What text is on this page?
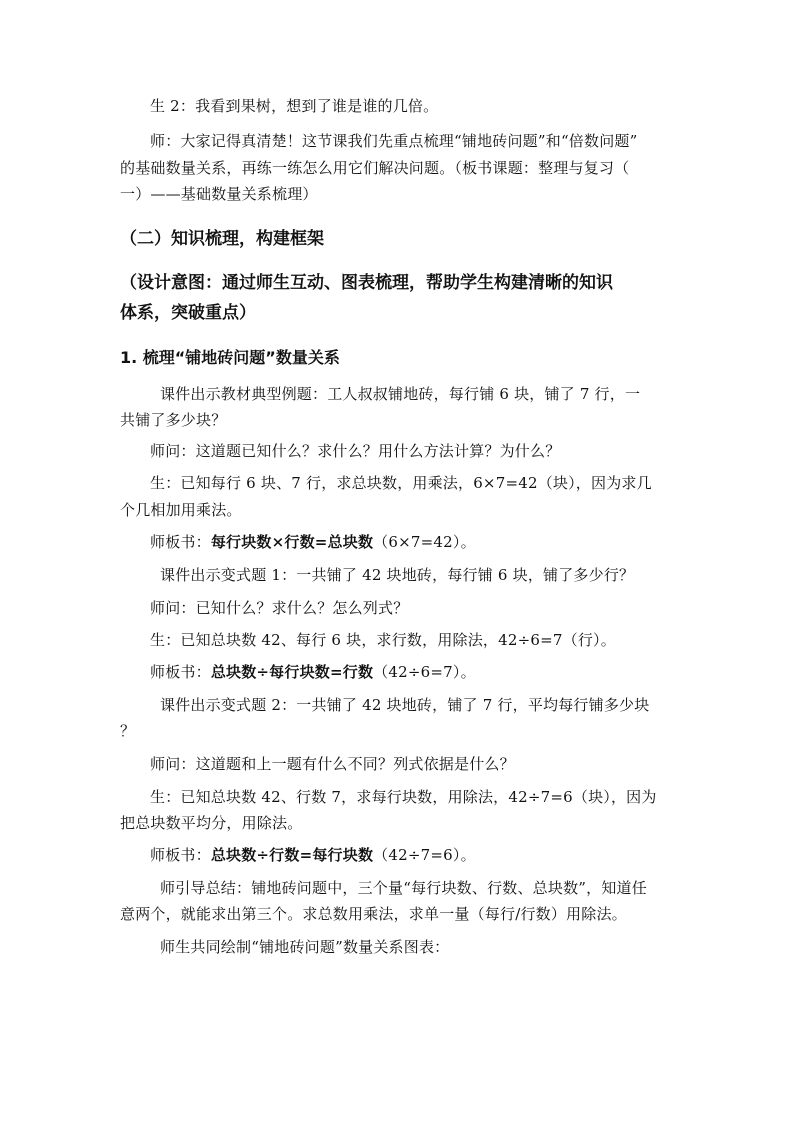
生 2：我看到果树，想到了谁是谁的几倍。
师：大家记得真清楚！这节课我们先重点梳理“铺地砖问题”和“倍数问题”
的基础数量关系，再练一练怎么用它们解决问题。（板书课题：整理与复习（
一）——基础数量关系梳理）
（二）知识梳理，构建框架
（设计意图：通过师生互动、图表梳理，帮助学生构建清晰的知识
体系，突破重点）
1. 梳理“铺地砖问题”数量关系
课件出示教材典型例题：工人叔叔铺地砖，每行铺 6 块，铺了 7 行，一
共铺了多少块？
师问：这道题已知什么？求什么？用什么方法计算？为什么？
生：已知每行 6 块、7 行，求总块数，用乘法，6×7=42（块），因为求几
个几相加用乘法。
师板书：每行块数×行数=总块数（6×7=42）。
课件出示变式题 1：一共铺了 42 块地砖，每行铺 6 块，铺了多少行？
师问：已知什么？求什么？怎么列式？
生：已知总块数 42、每行 6 块，求行数，用除法，42÷6=7（行）。
师板书：总块数÷每行块数=行数（42÷6=7）。
课件出示变式题 2：一共铺了 42 块地砖，铺了 7 行，平均每行铺多少块
？
师问：这道题和上一题有什么不同？列式依据是什么？
生：已知总块数 42、行数 7，求每行块数，用除法，42÷7=6（块），因为
把总块数平均分，用除法。
师板书：总块数÷行数=每行块数（42÷7=6）。
师引导总结：铺地砖问题中，三个量“每行块数、行数、总块数”，知道任
意两个，就能求出第三个。求总数用乘法，求单一量（每行/行数）用除法。
师生共同绘制“铺地砖问题”数量关系图表：
